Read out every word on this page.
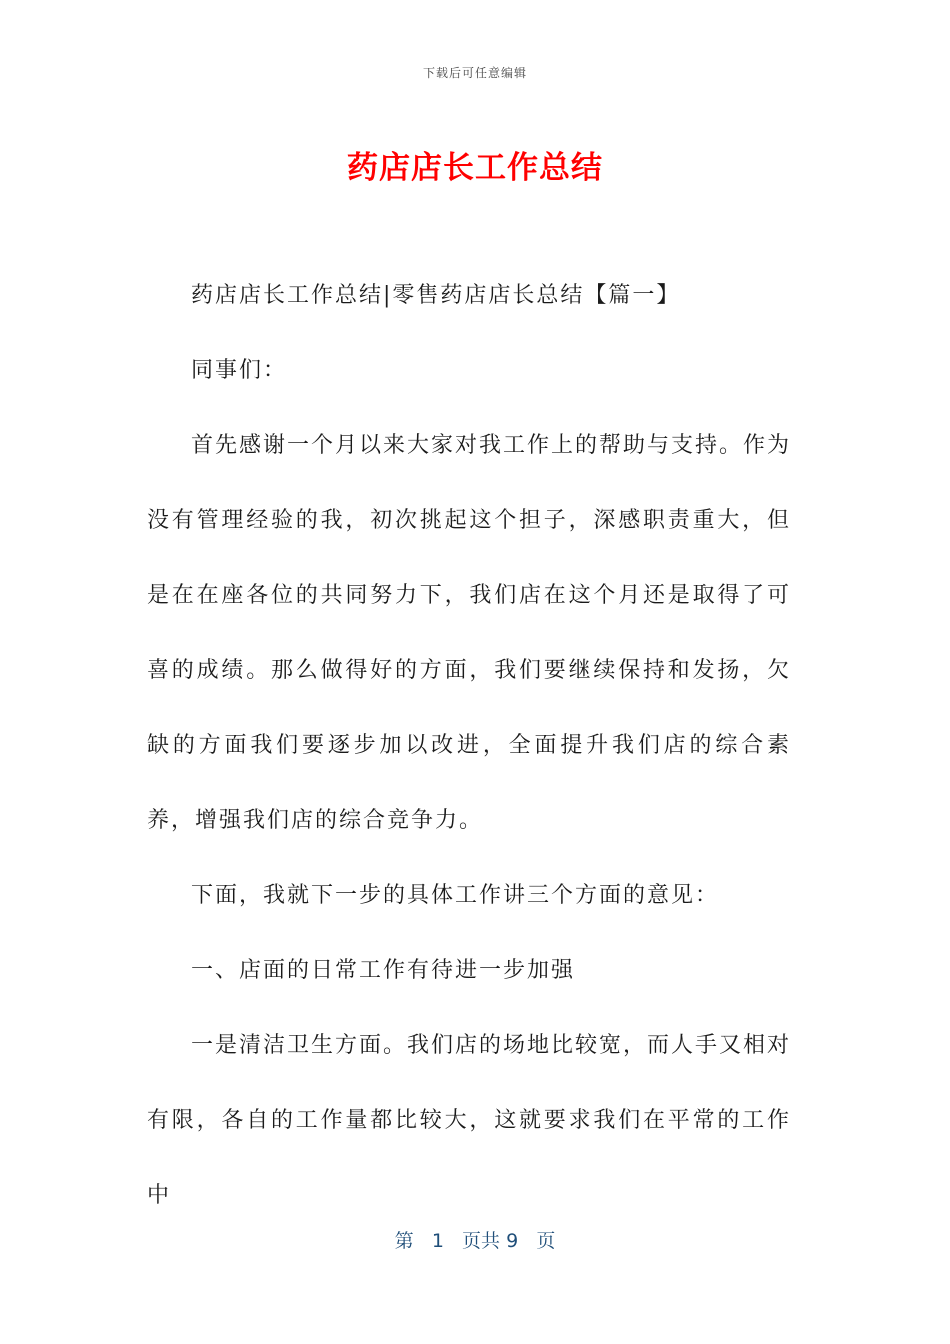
下载后可任意编辑
药店店长工作总结

药店店长工作总结|零售药店店长总结【篇一】

同事们：

首先感谢一个月以来大家对我工作上的帮助与支持。作为没有管理经验的我，初次挑起这个担子，深感职责重大，但是在在座各位的共同努力下，我们店在这个月还是取得了可喜的成绩。那么做得好的方面，我们要继续保持和发扬，欠缺的方面我们要逐步加以改进，全面提升我们店的综合素养，增强我们店的综合竞争力。

下面，我就下一步的具体工作讲三个方面的意见：

一、店面的日常工作有待进一步加强

一是清洁卫生方面。我们店的场地比较宽，而人手又相对有限，各自的工作量都比较大，这就要求我们在平常的工作中

第 1 页共 9 页
